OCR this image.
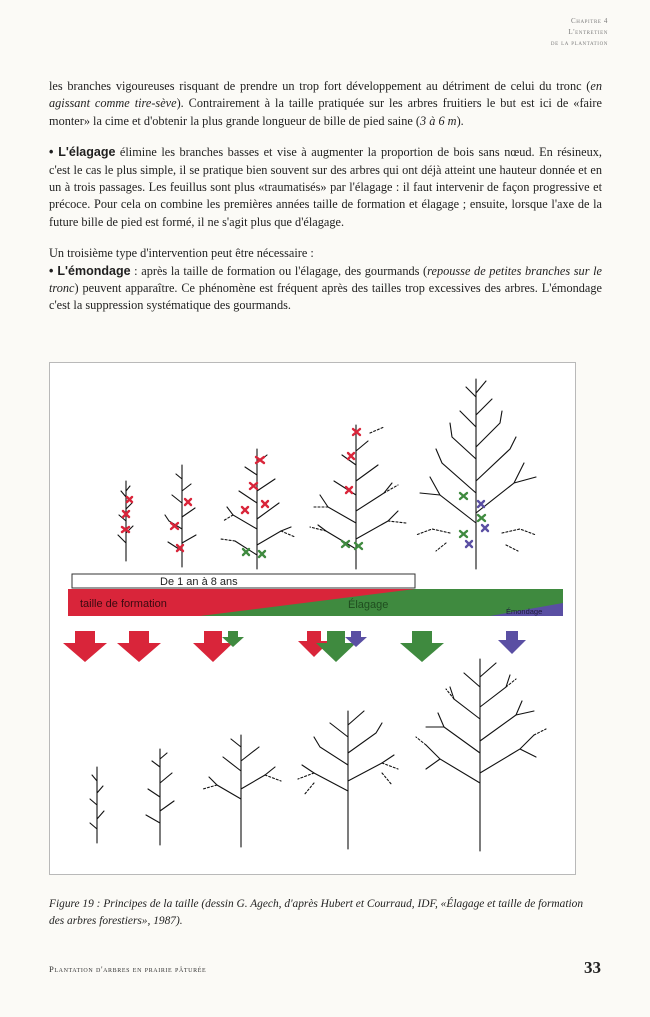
Chapitre 4
L'entretien
de la plantation

les branches vigoureuses risquant de prendre un trop fort développement au détriment de celui du tronc (en agissant comme tire-sève). Contrairement à la taille pratiquée sur les arbres fruitiers le but est ici de «faire monter» la cime et d'obtenir la plus grande longueur de bille de pied saine (3 à 6 m).

• L'élagage élimine les branches basses et vise à augmenter la proportion de bois sans nœud. En résineux, c'est le cas le plus simple, il se pratique bien souvent sur des arbres qui ont déjà atteint une hauteur donnée et en un à trois passages. Les feuillus sont plus «traumatisés» par l'élagage : il faut intervenir de façon progressive et précoce. Pour cela on combine les premières années taille de formation et élagage ; ensuite, lorsque l'axe de la future bille de pied est formé, il ne s'agit plus que d'élagage.

Un troisième type d'intervention peut être nécessaire :

• L'émondage : après la taille de formation ou l'élagage, des gourmands (repousse de petites branches sur le tronc) peuvent apparaître. Ce phénomène est fréquent après des tailles trop excessives des arbres. L'émondage c'est la suppression systématique des gourmands.

De 1 an à 8 ans
taille de formation	Élagage
Émondage
Figure 19 : Principes de la taille (dessin G. Agech, d'après Hubert et Courraud, IDF, «Élagage et taille de formation des arbres forestiers», 1987).
Plantation d'arbres en prairie pâturée	33
